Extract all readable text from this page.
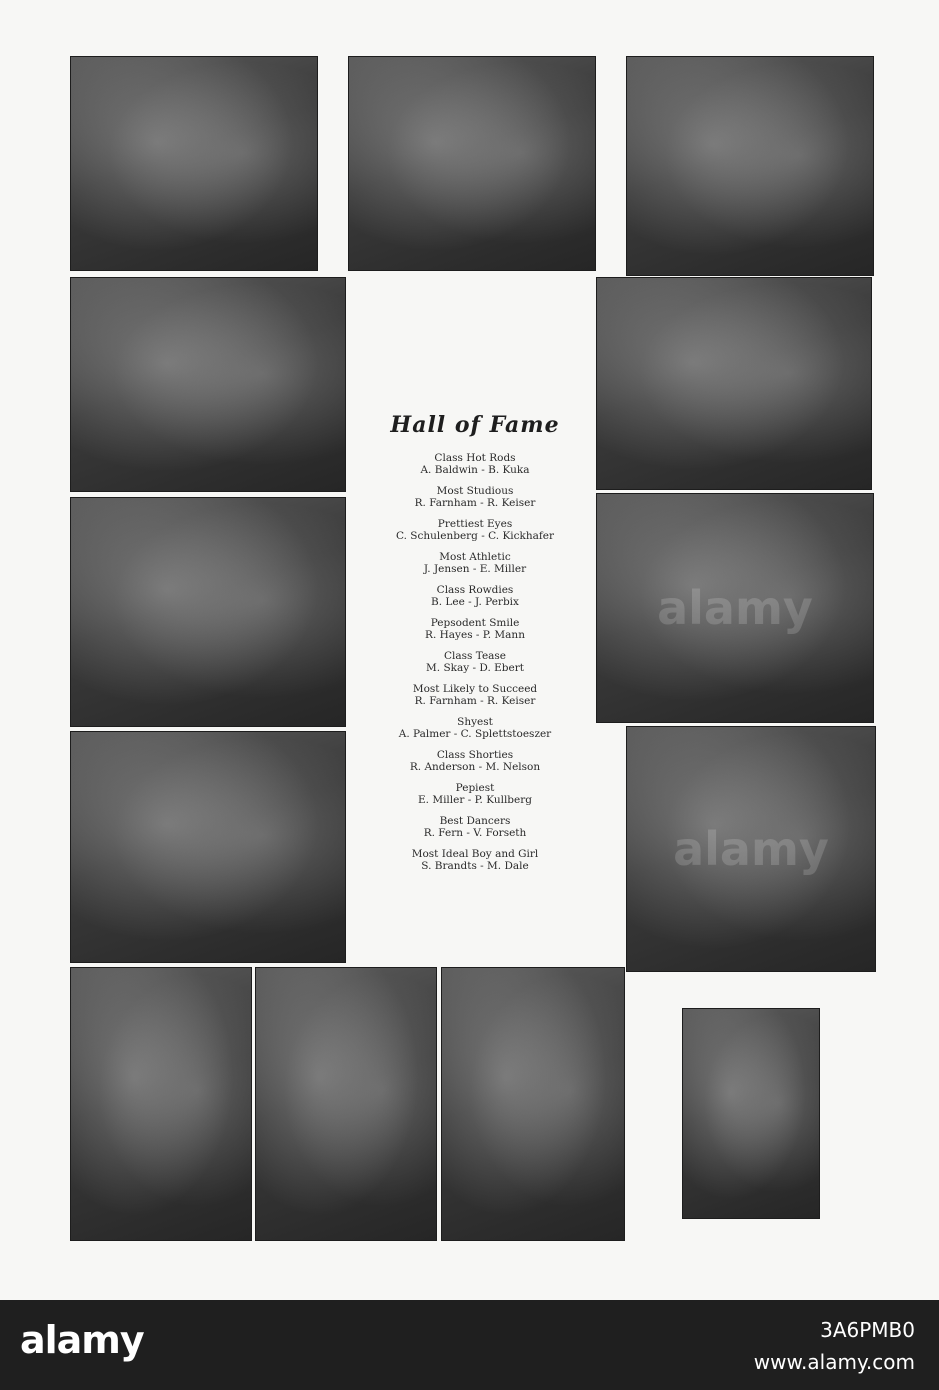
alamy
alamy
Hall of Fame
Class Hot Rods
A. Baldwin - B. Kuka
Most Studious
R. Farnham - R. Keiser
Prettiest Eyes
C. Schulenberg - C. Kickhafer
Most Athletic
J. Jensen - E. Miller
Class Rowdies
B. Lee - J. Perbix
Pepsodent Smile
R. Hayes - P. Mann
Class Tease
M. Skay - D. Ebert
Most Likely to Succeed
R. Farnham - R. Keiser
Shyest
A. Palmer - C. Splettstoeszer
Class Shorties
R. Anderson - M. Nelson
Pepiest
E. Miller - P. Kullberg
Best Dancers
R. Fern - V. Forseth
Most Ideal Boy and Girl
S. Brandts - M. Dale
alamy	3A6PMB0
www.alamy.com
